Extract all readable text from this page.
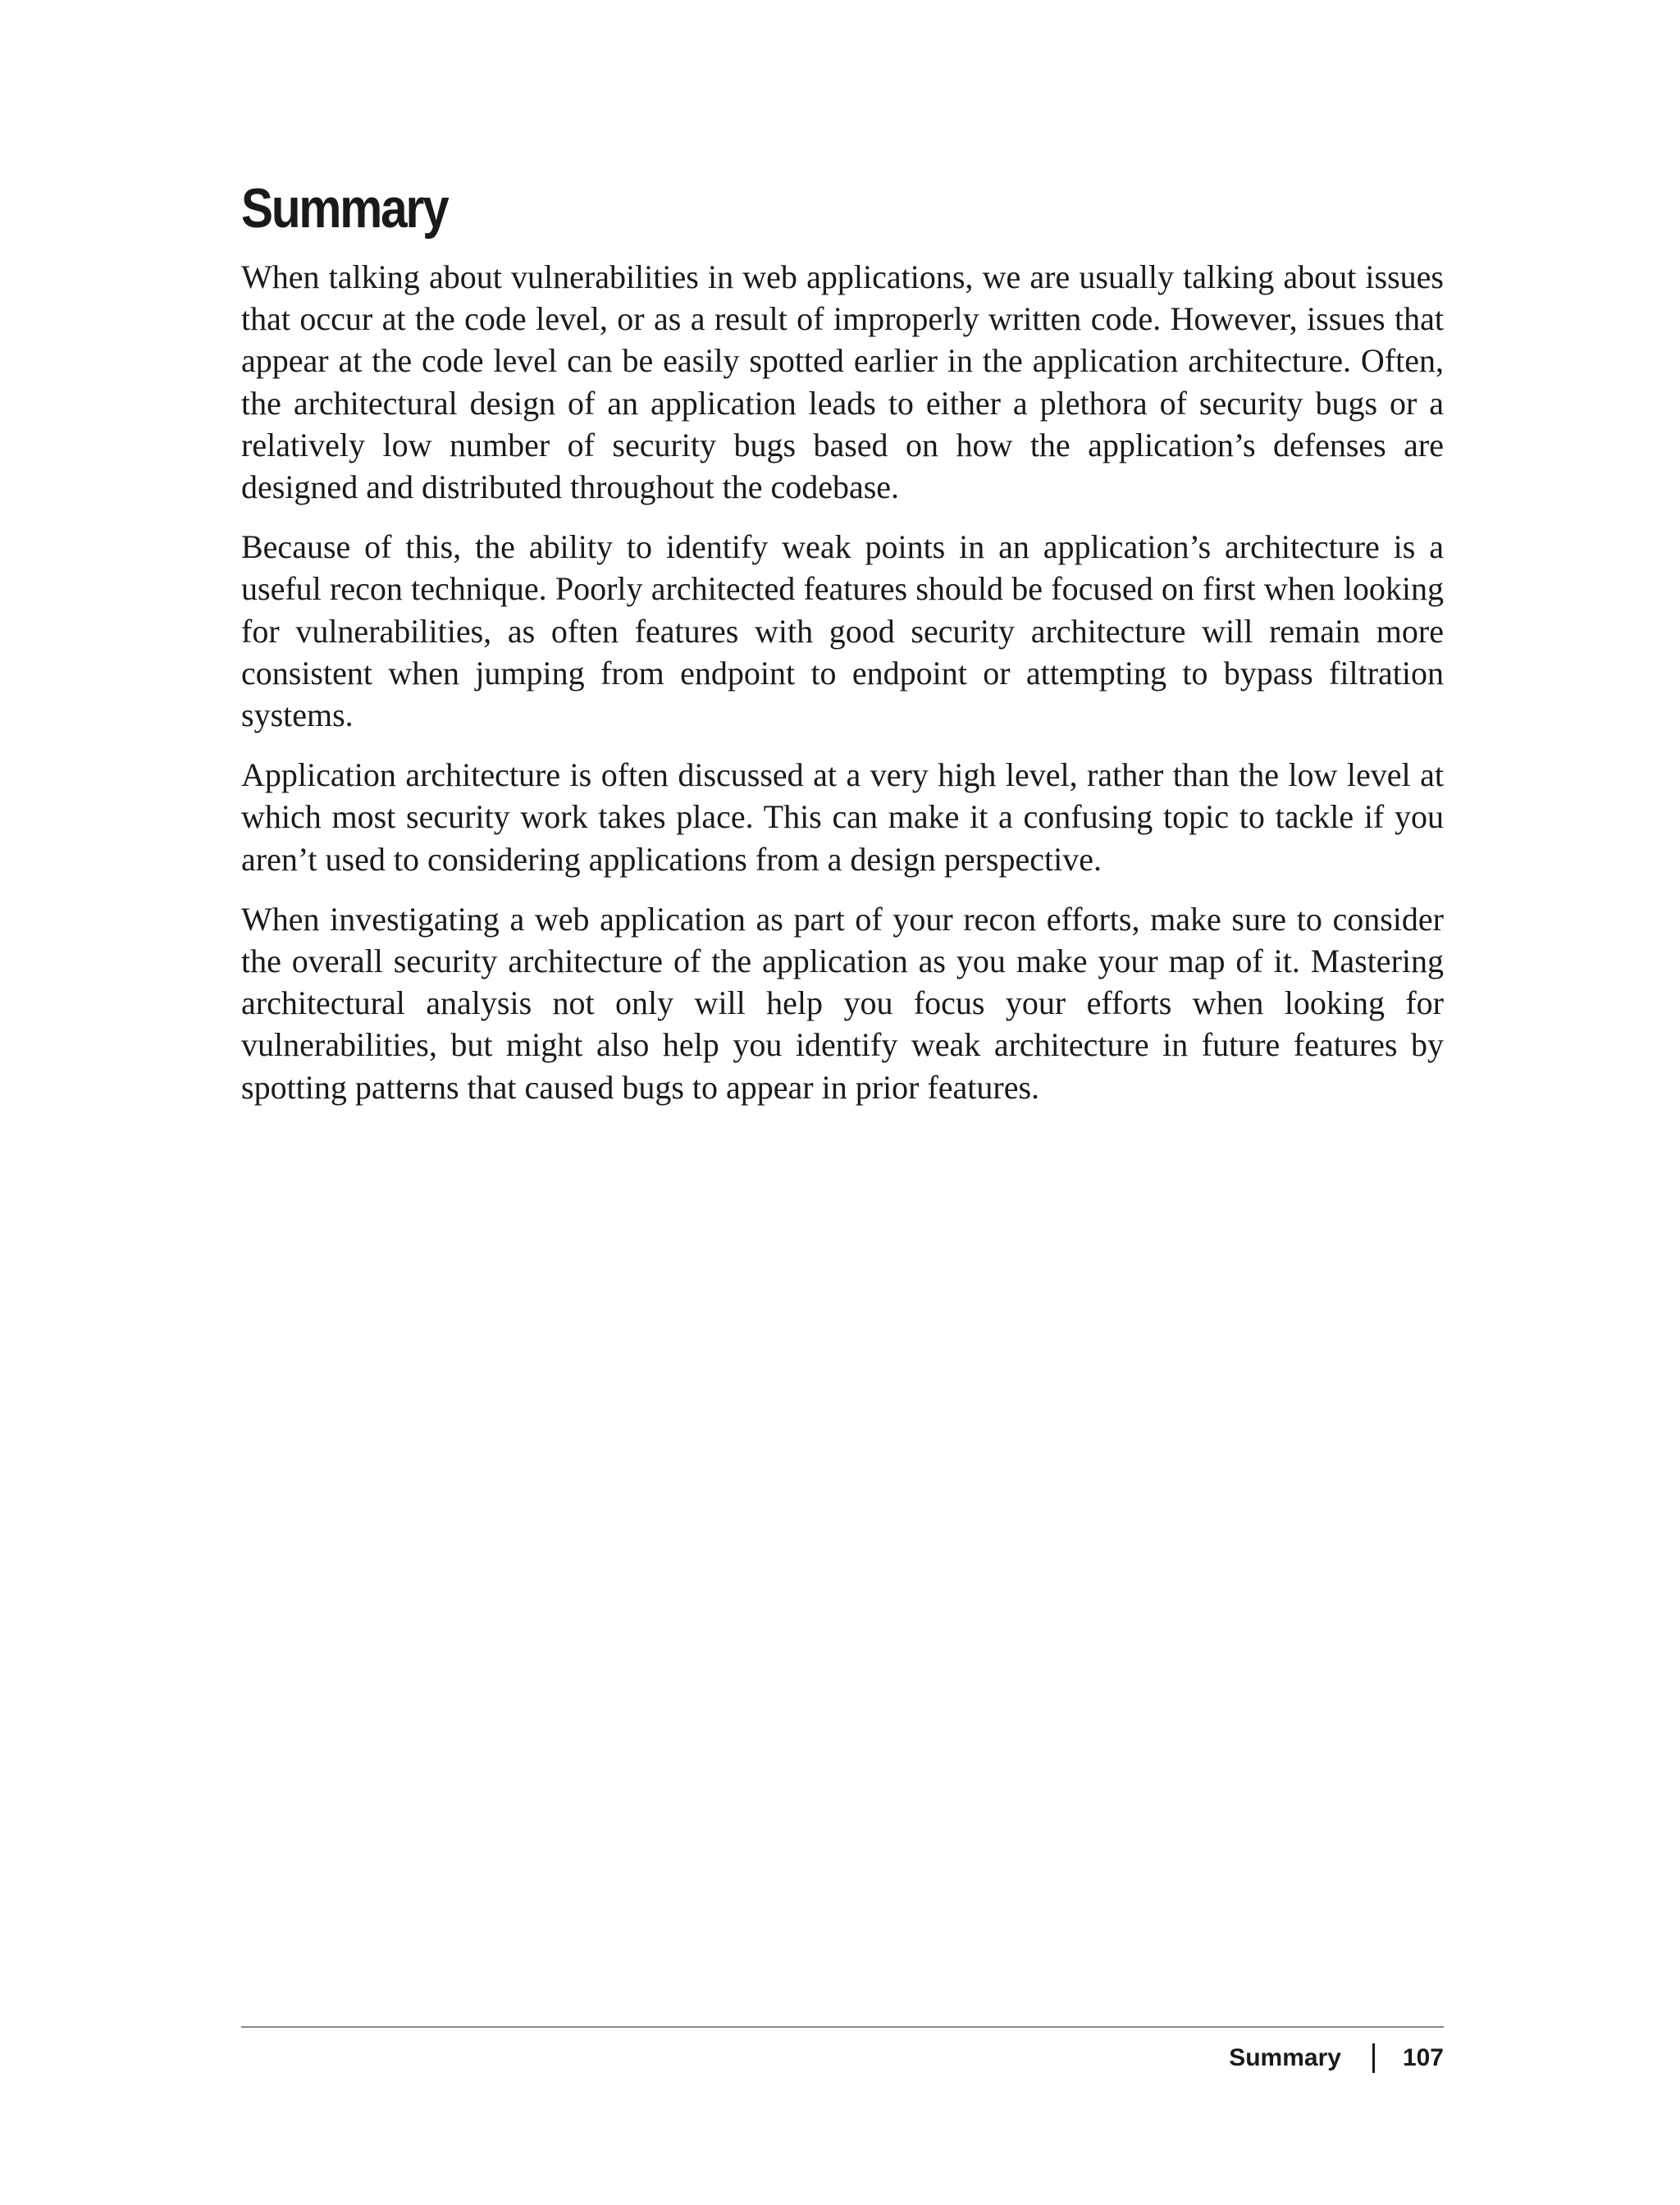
Summary

When talking about vulnerabilities in web applications, we are usually talking about issues that occur at the code level, or as a result of improperly written code. However, issues that appear at the code level can be easily spotted earlier in the application architecture. Often, the architectural design of an application leads to either a plethora of security bugs or a relatively low number of security bugs based on how the application’s defenses are designed and distributed throughout the codebase.

Because of this, the ability to identify weak points in an application’s architecture is a useful recon technique. Poorly architected features should be focused on first when looking for vulnerabilities, as often features with good security architecture will remain more consistent when jumping from endpoint to endpoint or attempting to bypass filtration systems.

Application architecture is often discussed at a very high level, rather than the low level at which most security work takes place. This can make it a confusing topic to tackle if you aren’t used to considering applications from a design perspective.

When investigating a web application as part of your recon efforts, make sure to consider the overall security architecture of the application as you make your map of it. Mastering architectural analysis not only will help you focus your efforts when looking for vulnerabilities, but might also help you identify weak architecture in future features by spotting patterns that caused bugs to appear in prior features.

Summary	107
